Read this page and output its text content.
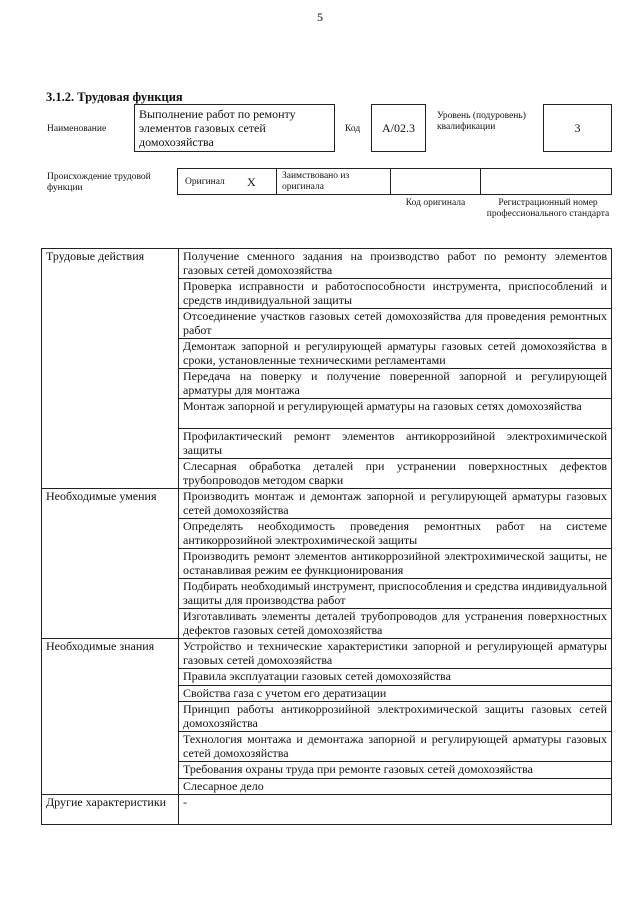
5
3.1.2. Трудовая функция
Наименование
Выполнение работ по ремонту элементов газовых сетей домохозяйства
Код А/02.3
Уровень (подуровень) квалификации	3
Происхождение трудовой функции
Оригинал X	Заимствовано из оригинала
Код оригинала	Регистрационный номер профессионального стандарта
Трудовые действия	Получение сменного задания на производство работ по ремонту элементов газовых сетей домохозяйства
	Проверка исправности и работоспособности инструмента, приспособлений и средств индивидуальной защиты
	Отсоединение участков газовых сетей домохозяйства для проведения ремонтных работ
	Демонтаж запорной и регулирующей арматуры газовых сетей домохозяйства в сроки, установленные техническими регламентами
	Передача на поверку и получение поверенной запорной и регулирующей арматуры для монтажа
	Монтаж запорной и регулирующей арматуры на газовых сетях домохозяйства
	Профилактический ремонт элементов антикоррозийной электрохимической защиты
	Слесарная обработка деталей при устранении поверхностных дефектов трубопроводов методом сварки
Необходимые умения	Производить монтаж и демонтаж запорной и регулирующей арматуры газовых сетей домохозяйства
	Определять необходимость проведения ремонтных работ на системе антикоррозийной электрохимической защиты
	Производить ремонт элементов антикоррозийной электрохимической защиты, не останавливая режим ее функционирования
	Подбирать необходимый инструмент, приспособления и средства индивидуальной защиты для производства работ
	Изготавливать элементы деталей трубопроводов для устранения поверхностных дефектов газовых сетей домохозяйства
Необходимые знания	Устройство и технические характеристики запорной и регулирующей арматуры газовых сетей домохозяйства
	Правила эксплуатации газовых сетей домохозяйства
	Свойства газа с учетом его дератизации
	Принцип работы антикоррозийной электрохимической защиты газовых сетей домохозяйства
	Технология монтажа и демонтажа запорной и регулирующей арматуры газовых сетей домохозяйства
	Требования охраны труда при ремонте газовых сетей домохозяйства
	Слесарное дело
Другие характеристики	-
